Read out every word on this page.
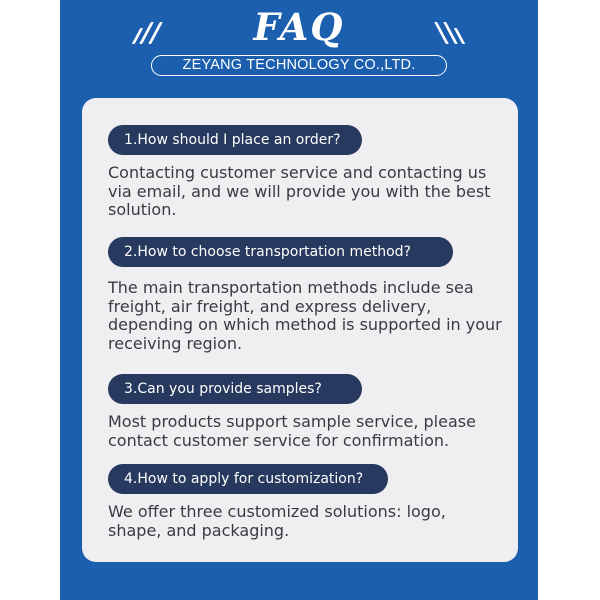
FAQ
ZEYANG TECHNOLOGY CO.,LTD.
1.How should I place an order?

Contacting customer service and contacting us via email, and we will provide you with the best solution.

2.How to choose transportation method?

The main transportation methods include sea freight, air freight, and express delivery, depending on which method is supported in your receiving region.

3.Can you provide samples?

Most products support sample service, please contact customer service for confirmation.

4.How to apply for customization?

We offer three customized solutions: logo, shape, and packaging.
